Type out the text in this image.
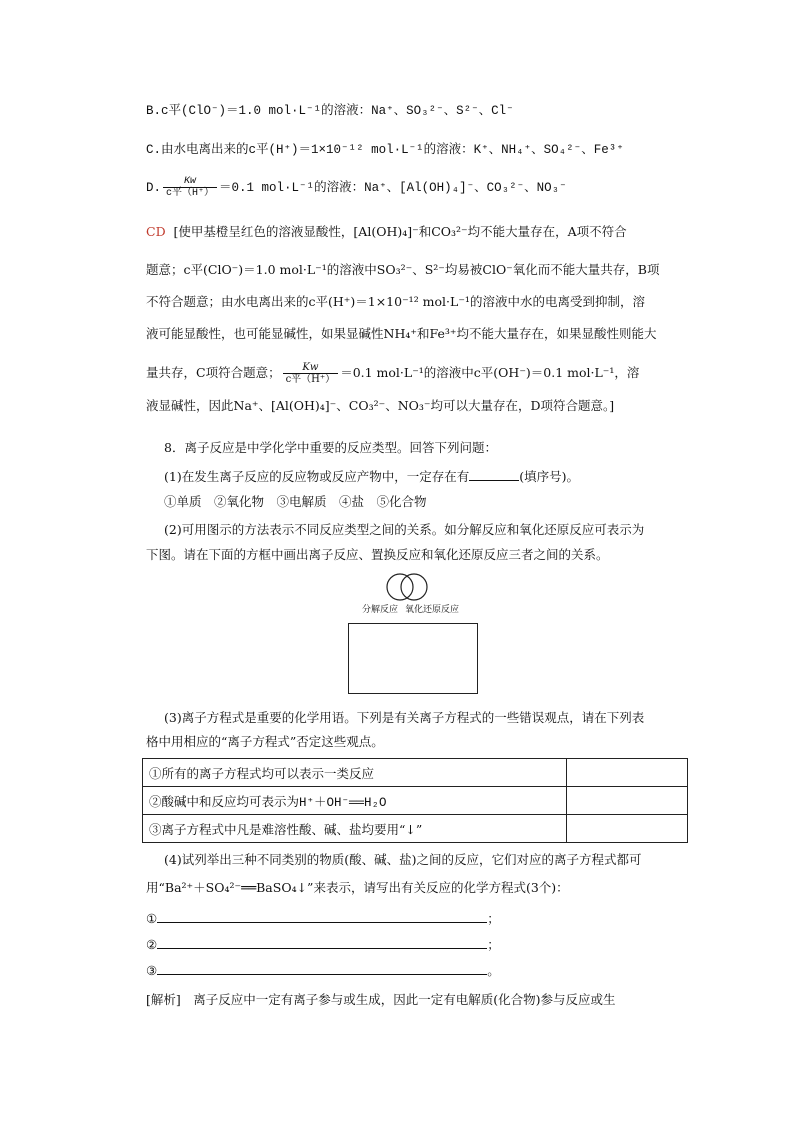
B.c平(ClO⁻)＝1.0 mol·L⁻¹的溶液：Na⁺、SO₃²⁻、S²⁻、Cl⁻
C.由水电离出来的c平(H⁺)＝1×10⁻¹² mol·L⁻¹的溶液：K⁺、NH₄⁺、SO₄²⁻、Fe³⁺
D. $\frac{Kw}{\text{c平（H⁺）}} =0.1$ mol·L⁻¹的溶液：Na⁺、[Al(OH)₄]⁻、CO₃²⁻、NO₃⁻
CD [使甲基橙呈红色的溶液显酸性，[Al(OH)₄]⁻和CO₃²⁻均不能大量存在，A项不符合
题意；c平(ClO⁻)＝1.0 mol·L⁻¹的溶液中SO₃²⁻、S²⁻均易被ClO⁻氧化而不能大量共存，B项
不符合题意；由水电离出来的c平(H⁺)＝1×10⁻¹² mol·L⁻¹的溶液中水的电离受到抑制，溶
液可能显酸性，也可能显碱性，如果显碱性NH₄⁺和Fe³⁺均不能大量存在，如果显酸性则能大
量共存，C项符合题意； $\frac{Kw}{\text{c平（H⁺）}} =0.1$ mol·L⁻¹的溶液中c平(OH⁻)＝0.1 mol·L⁻¹，溶
液显碱性，因此Na⁺、[Al(OH)₄]⁻、CO₃²⁻、NO₃⁻均可以大量存在，D项符合题意。]
8．离子反应是中学化学中重要的反应类型。回答下列问题：
(1)在发生离子反应的反应物或反应产物中，一定存在有	(填序号)。
①单质　②氧化物　③电解质　④盐　⑤化合物
(2)可用图示的方法表示不同反应类型之间的关系。如分解反应和氧化还原反应可表示为
下图。请在下面的方框中画出离子反应、置换反应和氧化还原反应三者之间的关系。
分解反应 氧化还原反应
(3)离子方程式是重要的化学用语。下列是有关离子方程式的一些错误观点，请在下列表
格中用相应的“离子方程式”否定这些观点。
①所有的离子方程式均可以表示一类反应	
②酸碱中和反应均可表示为H⁺＋OH⁻══H₂O	
③离子方程式中凡是难溶性酸、碱、盐均要用“↓”	
(4)试列举出三种不同类别的物质(酸、碱、盐)之间的反应，它们对应的离子方程式都可
用“Ba²⁺＋SO₄²⁻══BaSO₄↓”来表示，请写出有关反应的化学方程式(3个)：
①	；
②	；
③	。
[解析]　离子反应中一定有离子参与或生成，因此一定有电解质(化合物)参与反应或生
